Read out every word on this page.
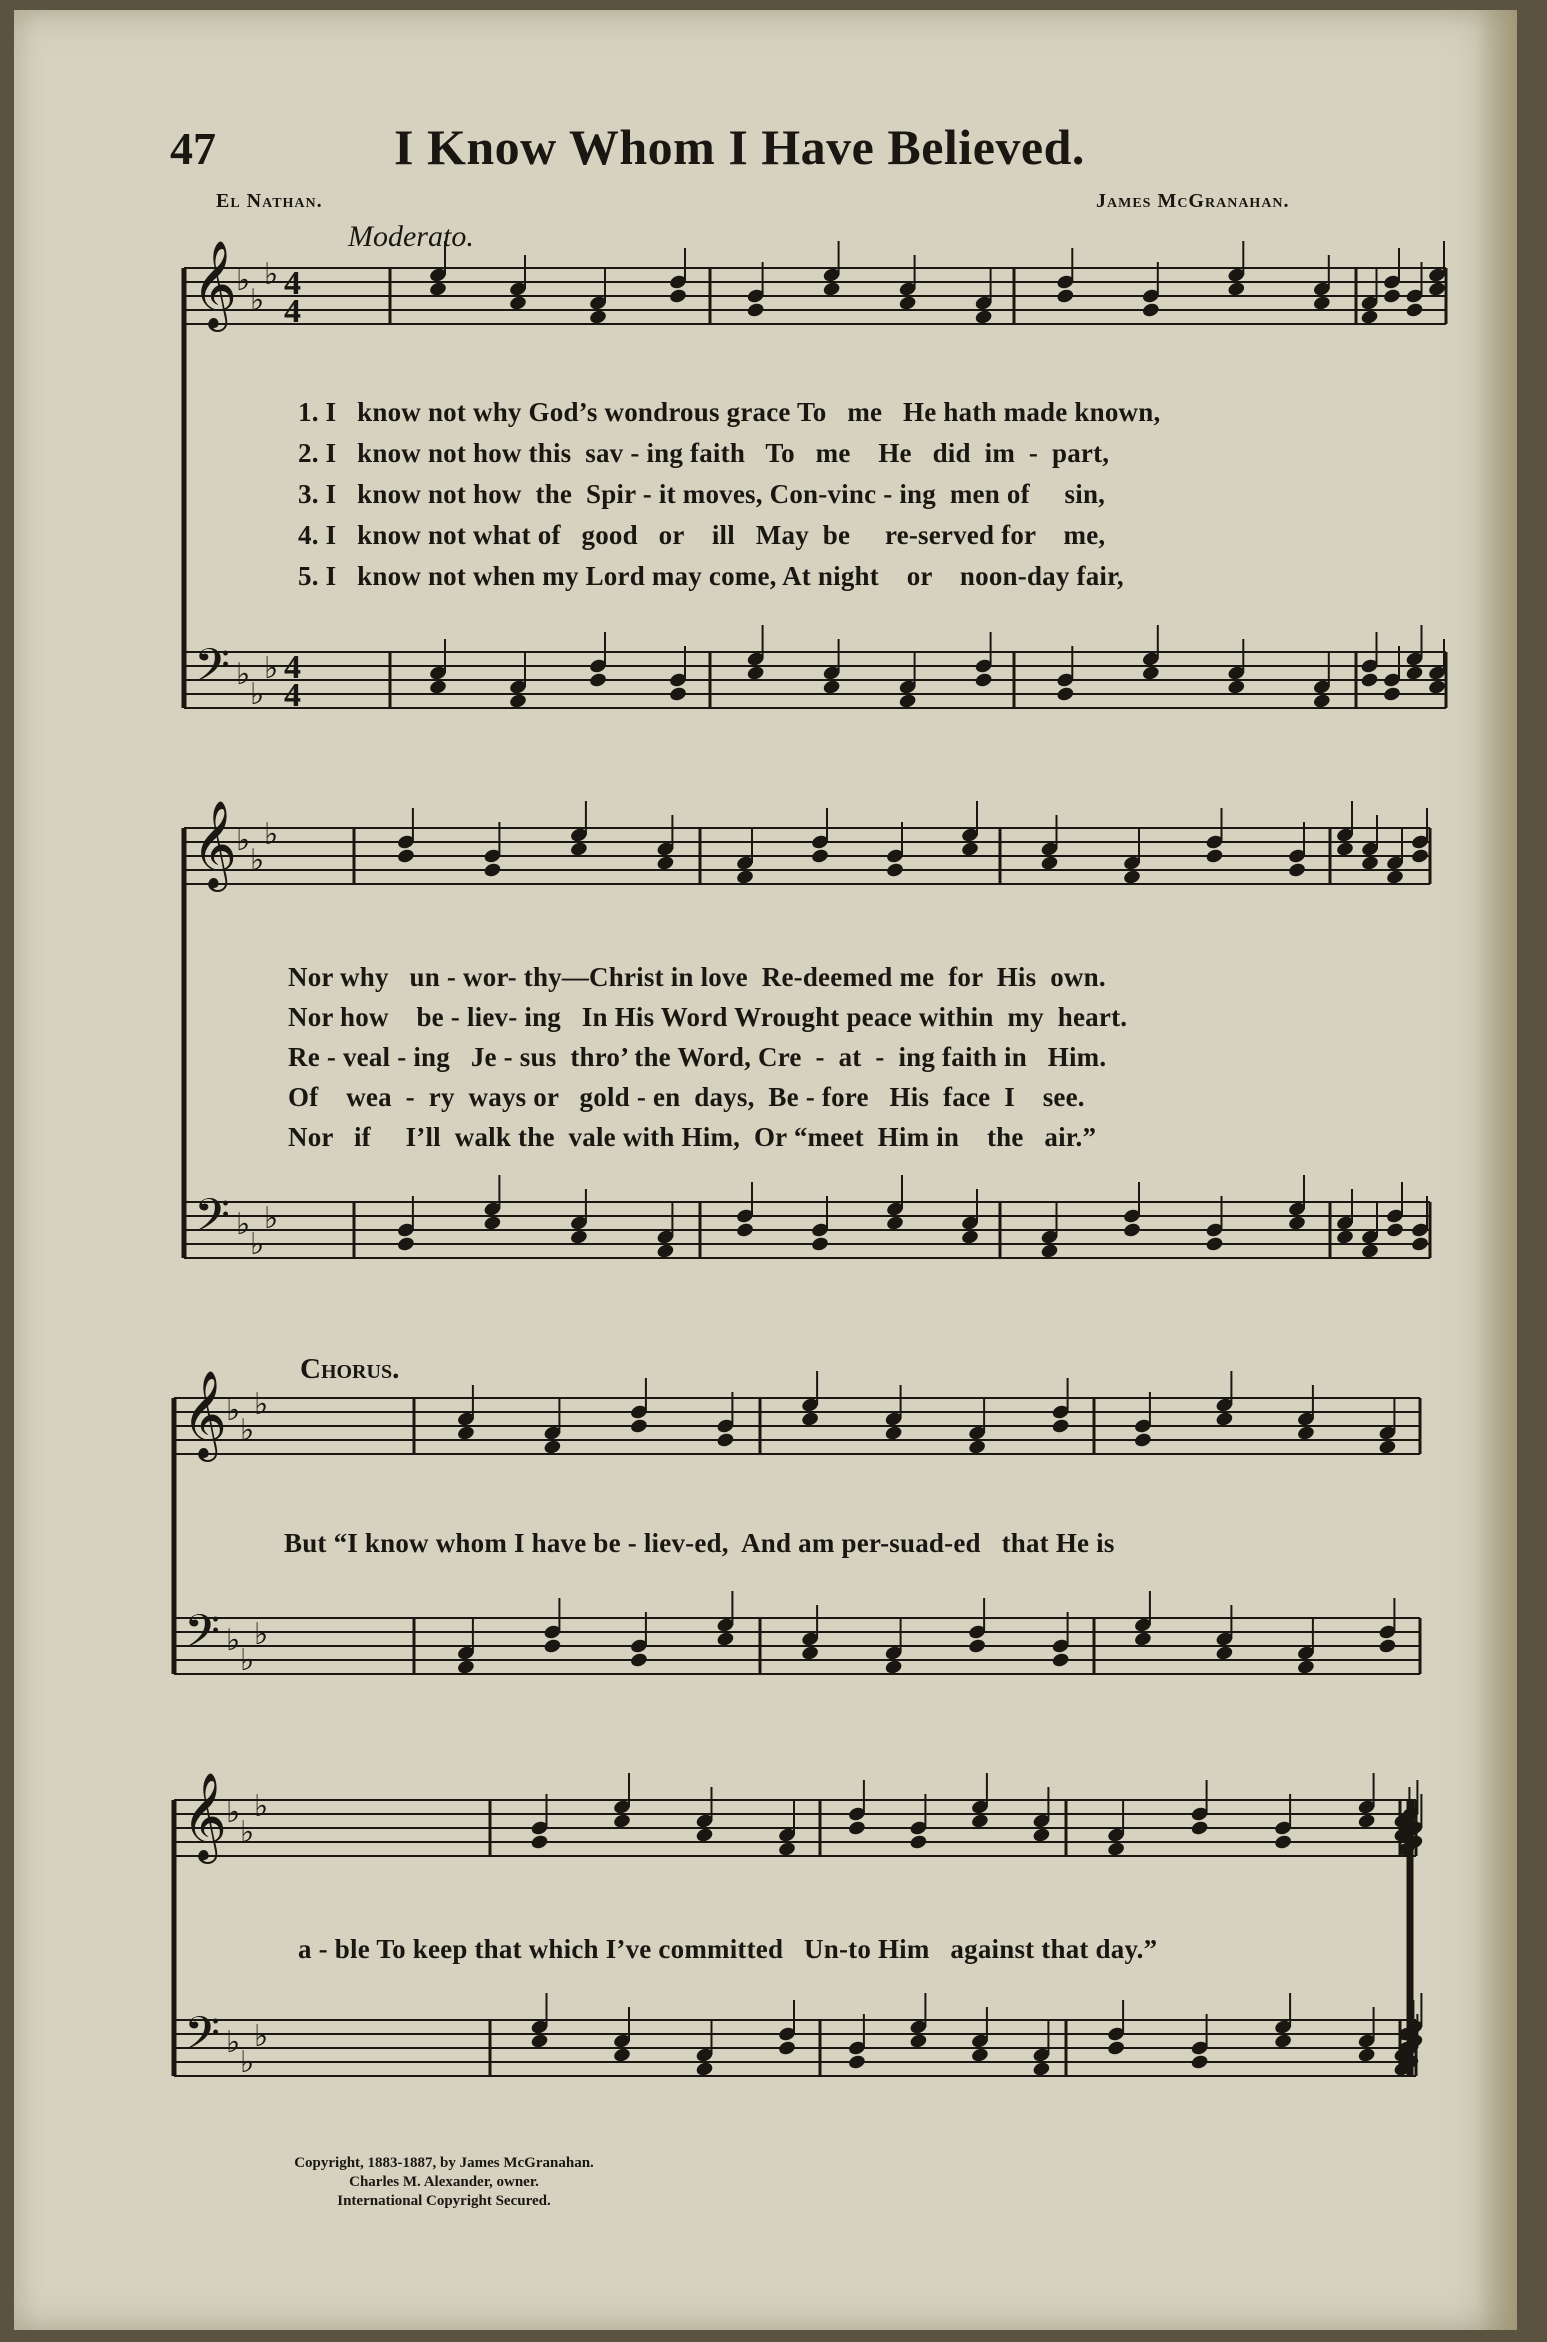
47	I Know Whom I Have Believed.
El Nathan.	James McGranahan.
Moderato.
𝄞
𝄢
♭
♭
♭
♭
♭
♭
4
4
4
4
𝄞
𝄢
♭
♭
♭
♭
♭
♭
𝄞
𝄢
♭
♭
♭
♭
♭
♭
𝄞
𝄢
♭
♭
♭
♭
♭
♭
1. I   know not why God’s wondrous grace To   me   He hath made known,
2. I   know not how this  sav - ing faith   To   me    He   did  im  -  part,
3. I   know not how  the  Spir - it moves, Con-vinc - ing  men of     sin,
4. I   know not what of   good   or    ill   May  be     re-served for    me,
5. I   know not when my Lord may come, At night    or    noon-day fair,
Nor why   un - wor- thy—Christ in love  Re-deemed me  for  His  own.
Nor how    be - liev- ing   In His Word Wrought peace within  my  heart.
Re - veal - ing   Je - sus  thro’ the Word, Cre  -  at  -  ing faith in   Him.
Of    wea  -  ry  ways or   gold - en  days,  Be - fore   His  face  I    see.
Nor   if     I’ll  walk the  vale with Him,  Or “meet  Him in    the   air.”
Chorus.
But “I know whom I have be - liev-ed,  And am per-suad-ed   that He is
a - ble To keep that which I’ve committed   Un-to Him   against that day.”
Copyright, 1883-1887, by James McGranahan.
Charles M. Alexander, owner.
International Copyright Secured.
